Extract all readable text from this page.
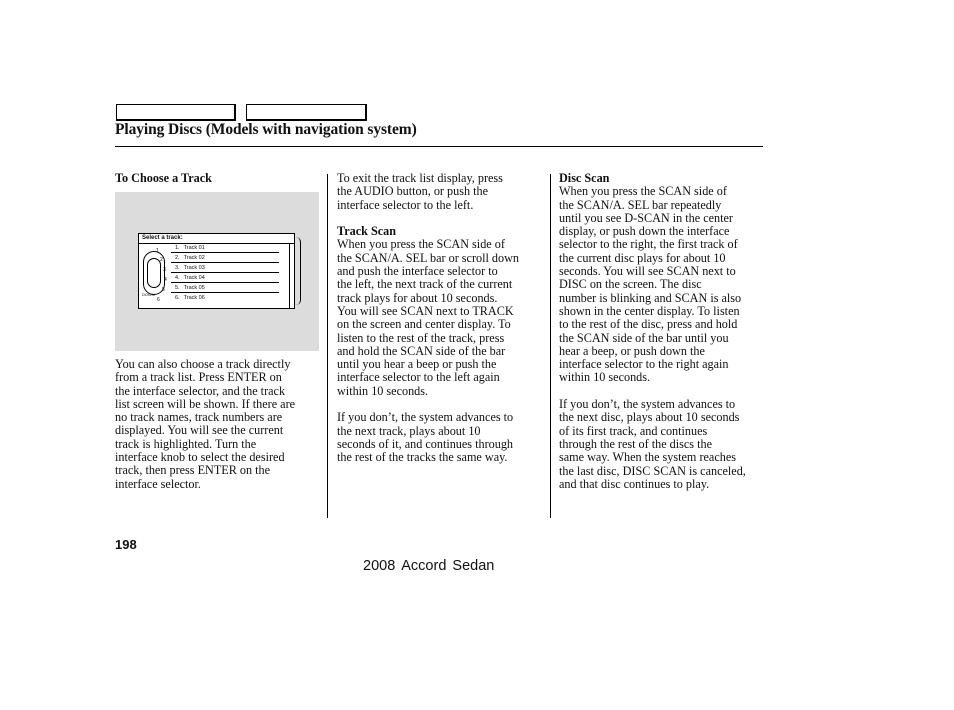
Playing Discs (Models with navigation system)

To Choose a Track

Select a track:
1
2
3
4
5
6
DOWN
1. Track 01
2. Track 02
3. Track 03
4. Track 04
5. Track 05
6. Track 06

You can also choose a track directly

from a track list. Press ENTER on

the interface selector, and the track

list screen will be shown. If there are

no track names, track numbers are

displayed. You will see the current

track is highlighted. Turn the

interface knob to select the desired

track, then press ENTER on the

interface selector.

To exit the track list display, press

the AUDIO button, or push the

interface selector to the left.

Track Scan

When you press the SCAN side of

the SCAN/A. SEL bar or scroll down

and push the interface selector to

the left, the next track of the current

track plays for about 10 seconds.

You will see SCAN next to TRACK

on the screen and center display. To

listen to the rest of the track, press

and hold the SCAN side of the bar

until you hear a beep or push the

interface selector to the left again

within 10 seconds.

If you don’t, the system advances to

the next track, plays about 10

seconds of it, and continues through

the rest of the tracks the same way.

Disc Scan

When you press the SCAN side of

the SCAN/A. SEL bar repeatedly

until you see D-SCAN in the center

display, or push down the interface

selector to the right, the first track of

the current disc plays for about 10

seconds. You will see SCAN next to

DISC on the screen. The disc

number is blinking and SCAN is also

shown in the center display. To listen

to the rest of the disc, press and hold

the SCAN side of the bar until you

hear a beep, or push down the

interface selector to the right again

within 10 seconds.

If you don’t, the system advances to

the next disc, plays about 10 seconds

of its first track, and continues

through the rest of the discs the

same way. When the system reaches

the last disc, DISC SCAN is canceled,

and that disc continues to play.

198
2008 Accord Sedan
